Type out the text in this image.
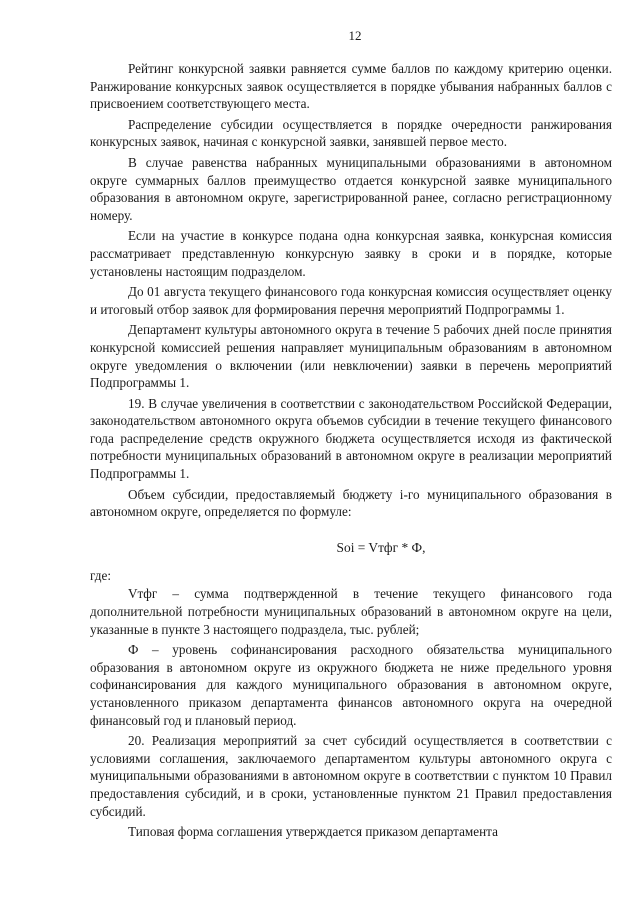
12

Рейтинг конкурсной заявки равняется сумме баллов по каждому критерию оценки. Ранжирование конкурсных заявок осуществляется в порядке убывания набранных баллов с присвоением соответствующего места.

Распределение субсидии осуществляется в порядке очередности ранжирования конкурсных заявок, начиная с конкурсной заявки, занявшей первое место.

В случае равенства набранных муниципальными образованиями в автономном округе суммарных баллов преимущество отдается конкурсной заявке муниципального образования в автономном округе, зарегистрированной ранее, согласно регистрационному номеру.

Если на участие в конкурсе подана одна конкурсная заявка, конкурсная комиссия рассматривает представленную конкурсную заявку в сроки и в порядке, которые установлены настоящим подразделом.

До 01 августа текущего финансового года конкурсная комиссия осуществляет оценку и итоговый отбор заявок для формирования перечня мероприятий Подпрограммы 1.

Департамент культуры автономного округа в течение 5 рабочих дней после принятия конкурсной комиссией решения направляет муниципальным образованиям в автономном округе уведомления о включении (или невключении) заявки в перечень мероприятий Подпрограммы 1.

19. В случае увеличения в соответствии с законодательством Российской Федерации, законодательством автономного округа объемов субсидии в течение текущего финансового года распределение средств окружного бюджета осуществляется исходя из фактической потребности муниципальных образований в автономном округе в реализации мероприятий Подпрограммы 1.

Объем субсидии, предоставляемый бюджету i-го муниципального образования в автономном округе, определяется по формуле:

Soi = Vтфг * Ф,
где:

Vтфг – сумма подтвержденной в течение текущего финансового года дополнительной потребности муниципальных образований в автономном округе на цели, указанные в пункте 3 настоящего подраздела, тыс. рублей;

Ф – уровень софинансирования расходного обязательства муниципального образования в автономном округе из окружного бюджета не ниже предельного уровня софинансирования для каждого муниципального образования в автономном округе, установленного приказом департамента финансов автономного округа на очередной финансовый год и плановый период.

20. Реализация мероприятий за счет субсидий осуществляется в соответствии с условиями соглашения, заключаемого департаментом культуры автономного округа с муниципальными образованиями в автономном округе в соответствии с пунктом 10 Правил предоставления субсидий, и в сроки, установленные пунктом 21 Правил предоставления субсидий.

Типовая форма соглашения утверждается приказом департамента
